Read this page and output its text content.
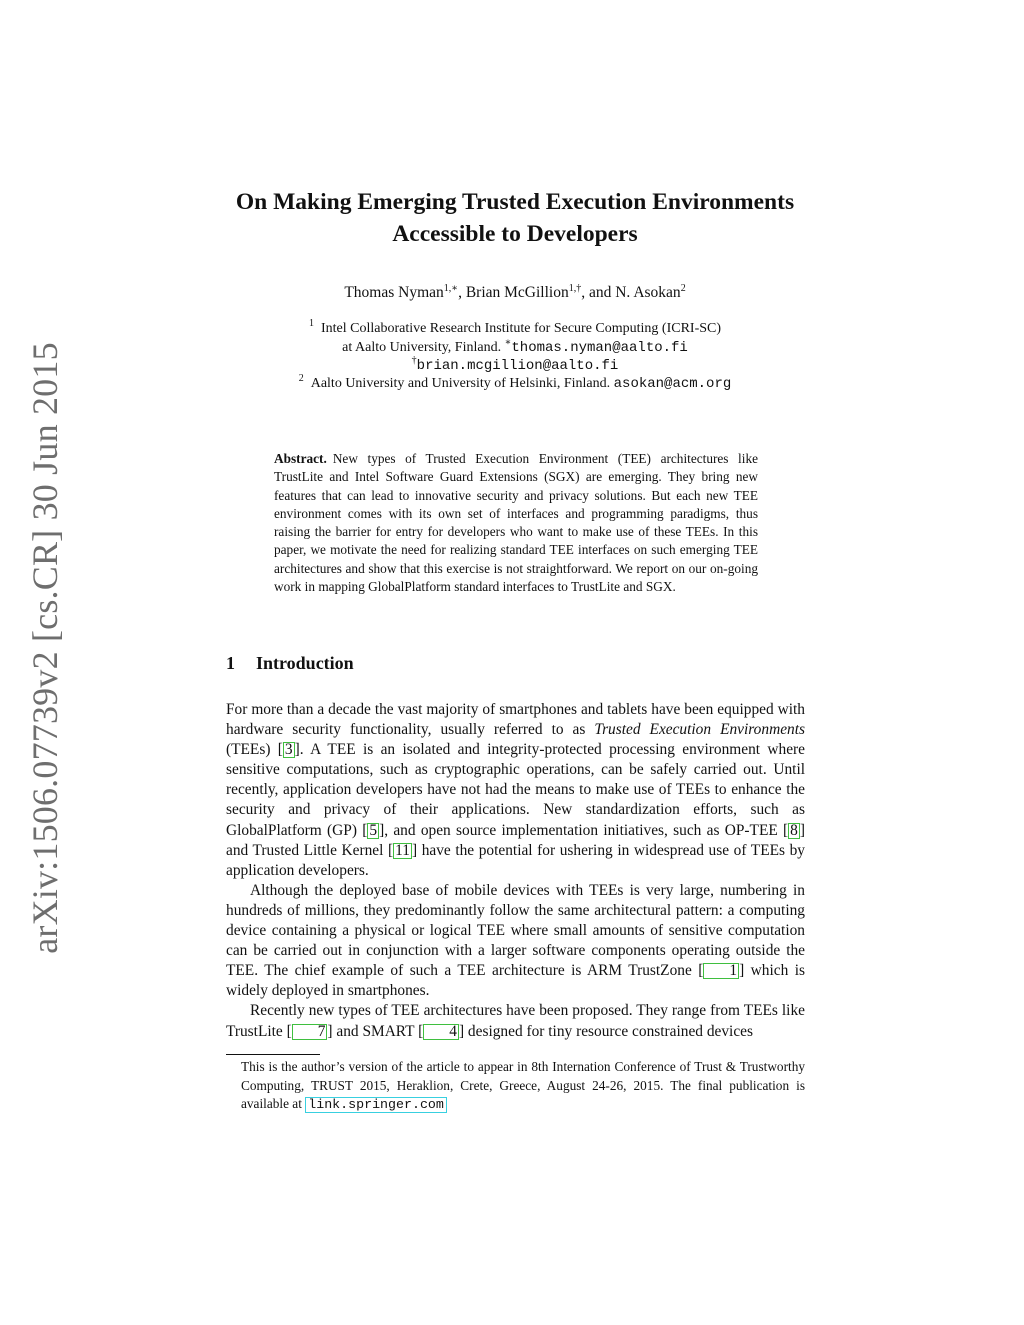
arXiv:1506.07739v2 [cs.CR] 30 Jun 2015
On Making Emerging Trusted Execution Environments
Accessible to Developers
Thomas Nyman$^{1,∗}$, Brian McGillion$^{1,\dagger}$, and N. Asokan$^2$
$^1$ Intel Collaborative Research Institute for Secure Computing (ICRI-SC)
at Aalto University, Finland. ∗thomas.nyman@aalto.fi
†brian.mcgillion@aalto.fi
$^2$ Aalto University and University of Helsinki, Finland. asokan@acm.org
Abstract. New types of Trusted Execution Environment (TEE) architectures like TrustLite and Intel Software Guard Extensions (SGX) are emerging. They bring new features that can lead to innovative security and privacy solutions. But each new TEE environment comes with its own set of interfaces and programming paradigms, thus raising the barrier for entry for developers who want to make use of these TEEs. In this paper, we motivate the need for realizing standard TEE interfaces on such emerging TEE architectures and show that this exercise is not straightforward. We report on our on-going work in mapping GlobalPlatform standard interfaces to TrustLite and SGX.
1 Introduction

For more than a decade the vast majority of smartphones and tablets have been equipped with hardware security functionality, usually referred to as Trusted Execution Environments (TEEs) [ 3 ]. A TEE is an isolated and integrity-protected processing environment where sensitive computations, such as cryptographic operations, can be safely carried out. Until recently, application developers have not had the means to make use of TEEs to enhance the security and privacy of their applications. New standardization efforts, such as GlobalPlatform (GP) [ 5 ], and open source implementation initiatives, such as OP-TEE [ 8 ] and Trusted Little Kernel [ 11 ] have the potential for ushering in widespread use of TEEs by application developers.

Although the deployed base of mobile devices with TEEs is very large, numbering in hundreds of millions, they predominantly follow the same architectural pattern: a computing device containing a physical or logical TEE where small amounts of sensitive computation can be carried out in conjunction with a larger software components operating outside the TEE. The chief example of such a TEE architecture is ARM TrustZone [ 1 ] which is widely deployed in smartphones.

Recently new types of TEE architectures have been proposed. They range from TEEs like TrustLite [ 7 ] and SMART [ 4 ] designed for tiny resource constrained devices

This is the author’s version of the article to appear in 8th Internation Conference of Trust & Trustworthy Computing, TRUST 2015, Heraklion, Crete, Greece, August 24-26, 2015. The final publication is available at link.springer.com
